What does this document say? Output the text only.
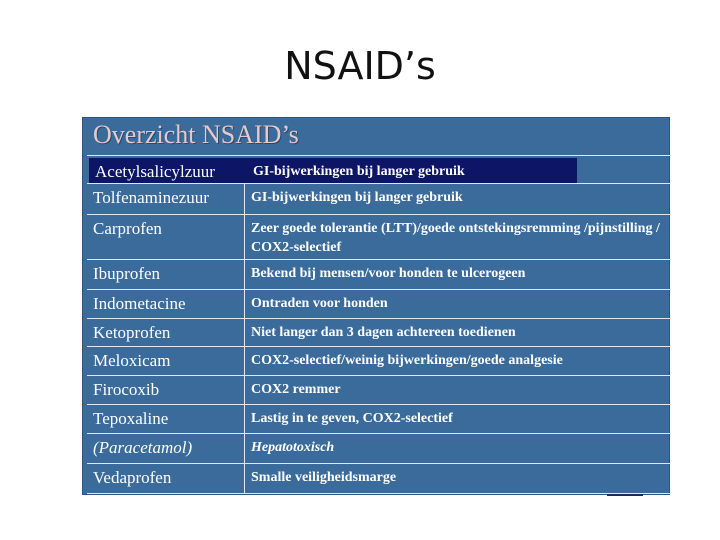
NSAID’s
Overzicht NSAID’s
Acetylsalicylzuur	GI-bijwerkingen bij langer gebruik
Tolfenaminezuur	GI-bijwerkingen bij langer gebruik
Carprofen	Zeer goede tolerantie (LTT)/goede ontstekingsremming /pijnstilling / COX2-selectief
Ibuprofen	Bekend bij mensen/voor honden te ulcerogeen
Indometacine	Ontraden voor honden
Ketoprofen	Niet langer dan 3 dagen achtereen toedienen
Meloxicam	COX2-selectief/weinig bijwerkingen/goede analgesie
Firocoxib	COX2 remmer
Tepoxaline	Lastig in te geven, COX2-selectief
(Paracetamol)	Hepatotoxisch
Vedaprofen	Smalle veiligheidsmarge
